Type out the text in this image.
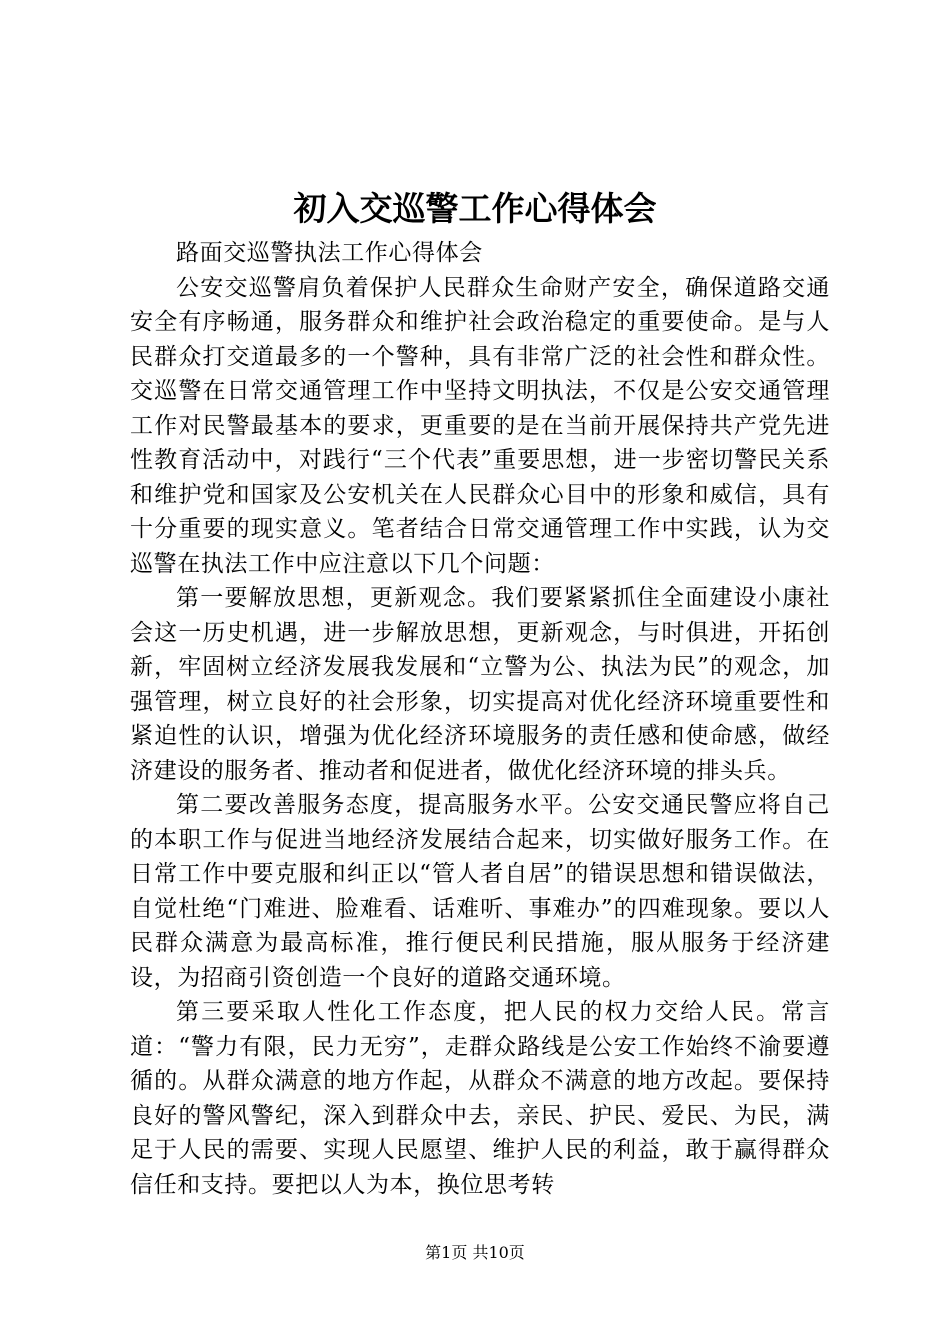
初入交巡警工作心得体会

路面交巡警执法工作心得体会

公安交巡警肩负着保护人民群众生命财产安全，确保道路交通安全有序畅通，服务群众和维护社会政治稳定的重要使命。是与人民群众打交道最多的一个警种，具有非常广泛的社会性和群众性。交巡警在日常交通管理工作中坚持文明执法，不仅是公安交通管理工作对民警最基本的要求，更重要的是在当前开展保持共产党先进性教育活动中，对践行“三个代表”重要思想，进一步密切警民关系和维护党和国家及公安机关在人民群众心目中的形象和威信，具有十分重要的现实意义。笔者结合日常交通管理工作中实践，认为交巡警在执法工作中应注意以下几个问题：

第一要解放思想，更新观念。我们要紧紧抓住全面建设小康社会这一历史机遇，进一步解放思想，更新观念，与时俱进，开拓创新，牢固树立经济发展我发展和“立警为公、执法为民”的观念，加强管理，树立良好的社会形象，切实提高对优化经济环境重要性和紧迫性的认识，增强为优化经济环境服务的责任感和使命感，做经济建设的服务者、推动者和促进者，做优化经济环境的排头兵。

第二要改善服务态度，提高服务水平。公安交通民警应将自己的本职工作与促进当地经济发展结合起来，切实做好服务工作。在日常工作中要克服和纠正以“管人者自居”的错误思想和错误做法，自觉杜绝“门难进、脸难看、话难听、事难办”的四难现象。要以人民群众满意为最高标准，推行便民利民措施，服从服务于经济建设，为招商引资创造一个良好的道路交通环境。

第三要采取人性化工作态度，把人民的权力交给人民。常言道：“警力有限，民力无穷”，走群众路线是公安工作始终不渝要遵循的。从群众满意的地方作起，从群众不满意的地方改起。要保持良好的警风警纪，深入到群众中去，亲民、护民、爱民、为民，满足于人民的需要、实现人民愿望、维护人民的利益，敢于赢得群众信任和支持。要把以人为本，换位思考转

第1页 共10页
